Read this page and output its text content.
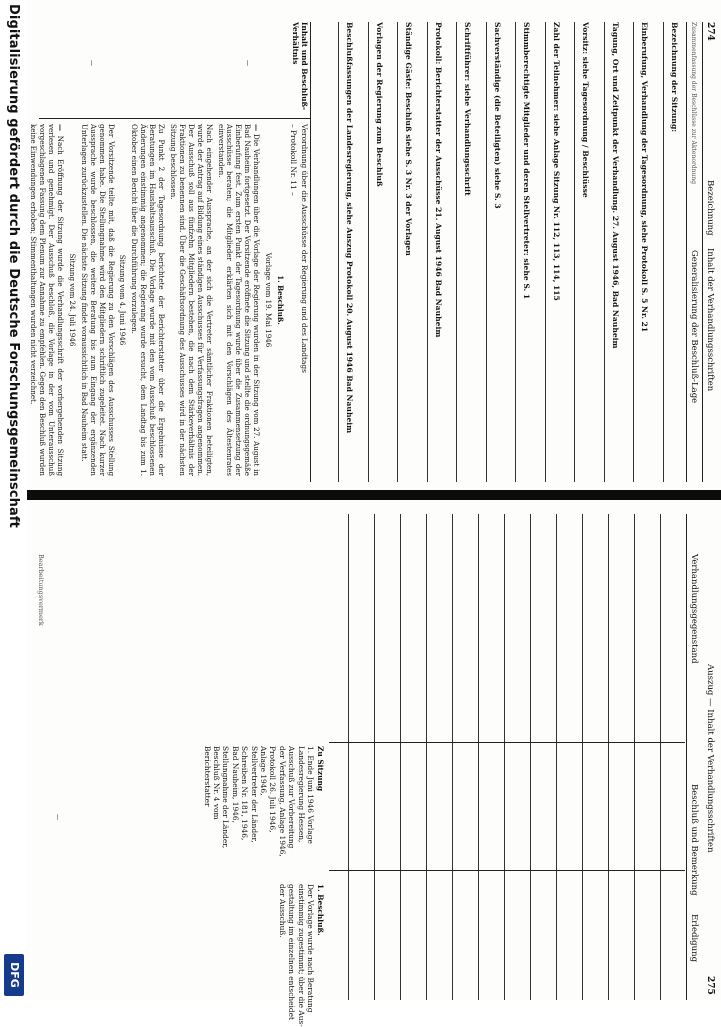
274
Bezeichnung
Inhalt der Verhandlungsschriften
Generalisierung der Beschluß-Lage
Zusammenfassung der Beschlüsse zur Aktenordnung
Bezeichnung der Sitzung:
Einberufung, Verhandlung der Tagesordnung, siehe Protokoll S. 5 Nr. 21
Tagung, Ort und Zeitpunkt der Verhandlung. 27. August 1946, Bad Nauheim
Vorsitz: siehe Tagesordnung / Beschlüsse
Zahl der Teilnehmer: siehe Anlage Sitzung Nr. 112, 113, 114, 115
Stimmberechtigte Mitglieder und deren Stellvertreter: siehe S. 1
Sachverständige (die Beteiligten) siehe S. 3
Schriftführer: siehe Verhandlungsschrift
Protokoll: Berichterstatter der Ausschüsse 21. August 1946 Bad Nauheim
Ständige Gäste: Beschluß siehe S. 3 Nr. 3 der Vorlagen
Vorlagen der Regierung zum Beschluß
Beschlußfassungen der Landesregierung, siehe Auszug Protokoll 20. August 1946 Bad Nauheim
Inhalt und Beschluß-Verhältnis
Verordnung über die Ausschüsse der Regierung und des Landtags
– Protokoll Nr. 11 –
1. Beschluß.
Vorlage vom 19. Mai 1946

— Die Verhandlungen über die Vorlage der Regierung wurden in der Sitzung vom 27. August in Bad Nauheim fortgesetzt. Der Vorsitzende eröffnete die Sitzung und stellte die ordnungsgemäße Einberufung fest. Zum ersten Punkt der Tagesordnung wurde über die Zusammensetzung der Ausschüsse beraten; die Mitglieder erklärten sich mit den Vorschlägen des Ältestenrates einverstanden.

Nach eingehender Aussprache, an der sich die Vertreter sämtlicher Fraktionen beteiligten, wurde der Antrag auf Bildung eines ständigen Ausschusses für Verfassungsfragen angenommen. Der Ausschuß soll aus fünfzehn Mitgliedern bestehen, die nach dem Stärkeverhältnis der Fraktionen zu benennen sind. Über die Geschäftsordnung des Ausschusses wird in der nächsten Sitzung beschlossen.

Zu Punkt 2 der Tagesordnung berichtete der Berichterstatter über die Ergebnisse der Beratungen im Haushaltsausschuß. Die Vorlage wurde mit den vom Ausschuß beschlossenen Änderungen einstimmig angenommen; die Regierung wurde ersucht, dem Landtag bis zum 1. Oktober einen Bericht über die Durchführung vorzulegen.

Sitzung vom 4. Juni 1946

Der Vorsitzende teilte mit, daß die Regierung zu den Vorschlägen des Ausschusses Stellung genommen habe. Die Stellungnahme wird den Mitgliedern schriftlich zugeleitet. Nach kurzer Aussprache wurde beschlossen, die weitere Beratung bis zum Eingang der ergänzenden Unterlagen zurückzustellen. Die nächste Sitzung findet voraussichtlich in Bad Nauheim statt.

Sitzung vom 24. Juli 1946

— Nach Eröffnung der Sitzung wurde die Verhandlungsschrift der vorhergehenden Sitzung verlesen und genehmigt. Der Ausschuß beschloß, die Vorlage in der vom Unterausschuß vorgeschlagenen Fassung dem Plenum zur Annahme zu empfehlen. Gegen den Beschluß wurden keine Einwendungen erhoben; Stimmenthaltungen wurden nicht verzeichnet.

—
—
Auszug — Inhalt der Verhandlungsschriften
275
Verhandlungsgegenstand
Beschluß und Bemerkung
Erledigung
Zu Sitzung
1. Ende Juni 1946 Vorlage
Landesregierung Hessen,
Ausschuß zur Vorbereitung
der Verfassung, Anlage 1946,
Protokoll 26. Juli 1946,
Anlage 1946,
Stellvertreter der Länder,
Schreiben Nr. 181, 1946,
Bad Nauheim, 1946,
Stellungnahme der Länder,
Beschluß Nr. 4 vom
Berichterstatter
1. Beschluß.
Der Vorlage wurde nach Beratung
einstimmig zugestimmt; über die Aus-
gestaltung im einzelnen entscheidet
der Ausschuß.
Bearbeitungsvermerk
—
Digitalisierung gefördert durch die Deutsche Forschungsgemeinschaft
DFG
